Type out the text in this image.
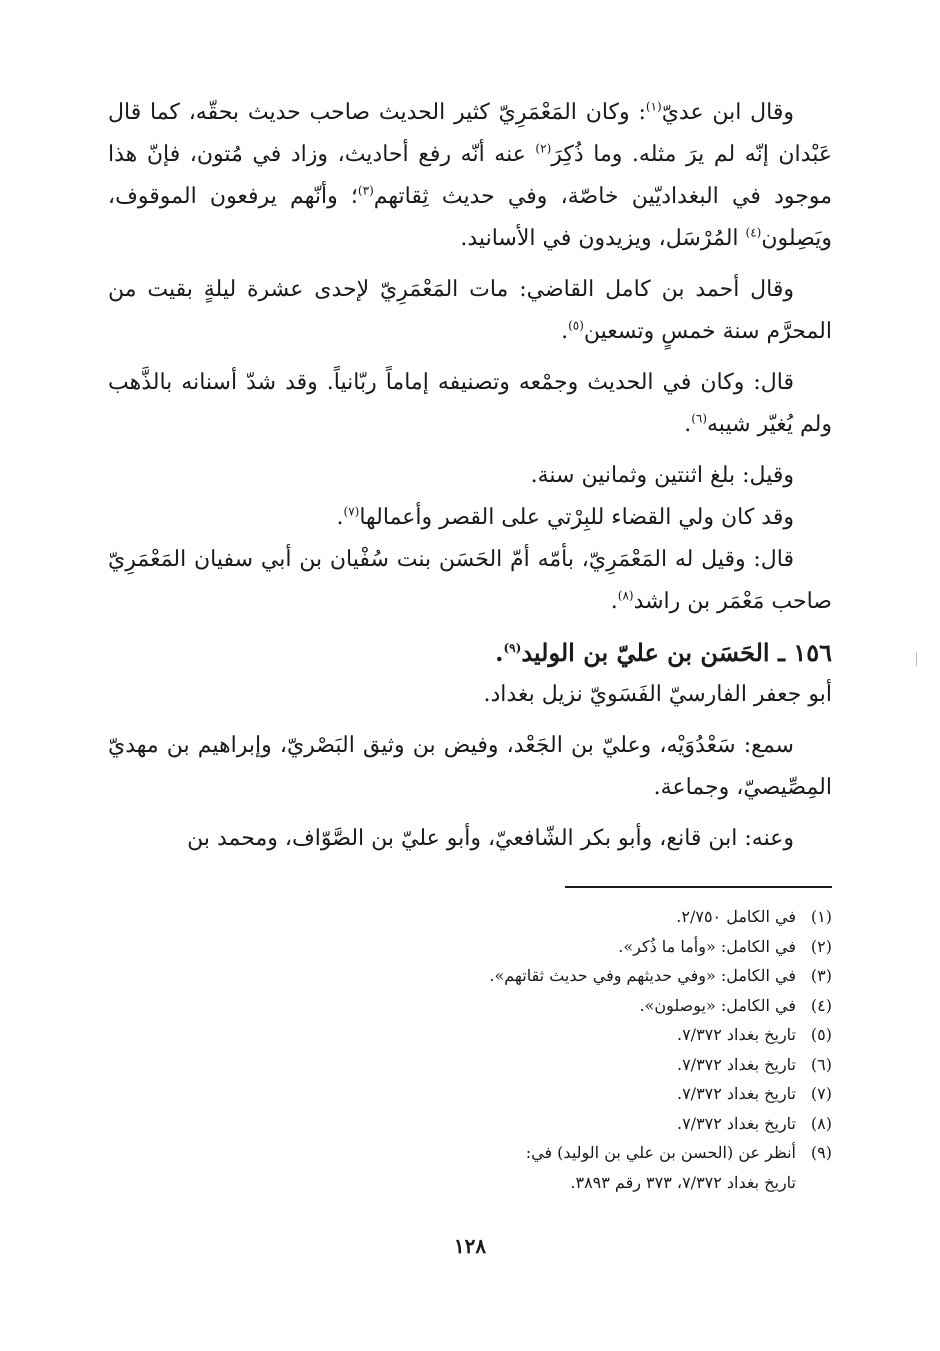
وقال ابن عديّ$^{(١)}$: وكان المَعْمَرِيّ كثير الحديث صاحب حديث بحقّه، كما قال عَبْدان إنّه لم يرَ مثله. وما ذُكِرَ$^{(٢)}$ عنه أنّه رفع أحاديث، وزاد في مُتون، فإنّ هذا موجود في البغداديّين خاصّة، وفي حديث ثِقاتهم$^{(٣)}$؛ وأنّهم يرفعون الموقوف، ويَصِلون$^{(٤)}$ المُرْسَل، ويزيدون في الأسانيد.

وقال أحمد بن كامل القاضي: مات المَعْمَرِيّ لإحدى عشرة ليلةٍ بقيت من المحرَّم سنة خمسٍ وتسعين$^{(٥)}$.

قال: وكان في الحديث وجمْعه وتصنيفه إماماً ربّانياً. وقد شدّ أسنانه بالذَّهب ولم يُغيّر شيبه$^{(٦)}$.

وقيل: بلغ اثنتين وثمانين سنة.

وقد كان ولي القضاء للبِرْتي على القصر وأعمالها$^{(٧)}$.

قال: وقيل له المَعْمَرِيّ، بأمّه أمّ الحَسَن بنت سُفْيان بن أبي سفيان المَعْمَرِيّ صاحب مَعْمَر بن راشد$^{(٨)}$.

١٥٦ ـ الحَسَن بن عليّ بن الوليد$^{(٩)}$.

أبو جعفر الفارسيّ الفَسَويّ نزيل بغداد.

سمع: سَعْدُوَيْه، وعليّ بن الجَعْد، وفيض بن وثيق البَصْريّ، وإبراهيم بن مهديّ المِصِّيصيّ، وجماعة.

وعنه: ابن قانع، وأبو بكر الشّافعيّ، وأبو عليّ بن الصَّوّاف، ومحمد بن

(١)
في الكامل ٢/٧٥٠.
(٢)
في الكامل: «وأما ما ذُكر».
(٣)
في الكامل: «وفي حديثهم وفي حديث ثقاتهم».
(٤)
في الكامل: «يوصلون».
(٥)
تاريخ بغداد ٧/٣٧٢.
(٦)
تاريخ بغداد ٧/٣٧٢.
(٧)
تاريخ بغداد ٧/٣٧٢.
(٨)
تاريخ بغداد ٧/٣٧٢.
(٩)
أنظر عن (الحسن بن علي بن الوليد) في:
تاريخ بغداد ٧/٣٧٢، ٣٧٣ رقم ٣٨٩٣.
١٢٨
